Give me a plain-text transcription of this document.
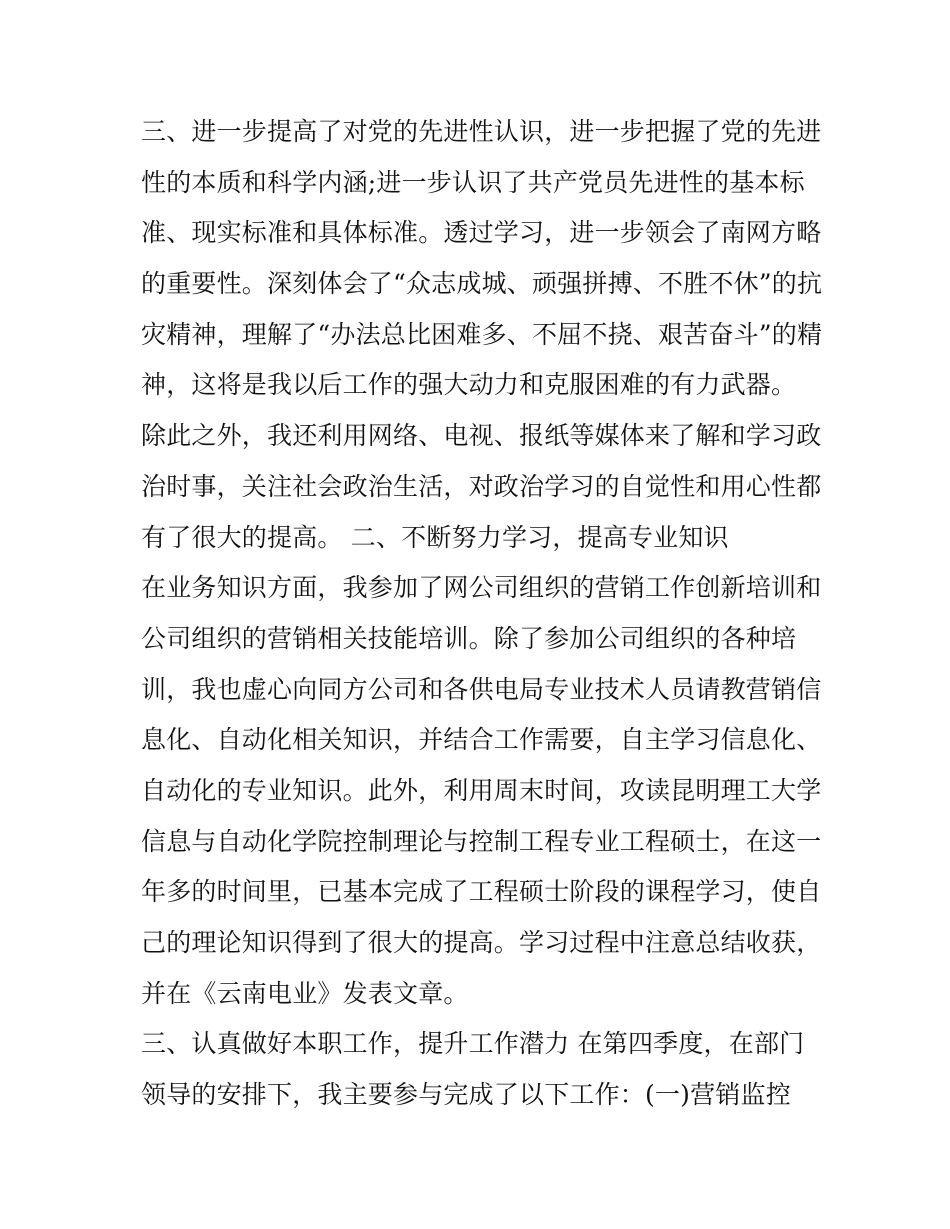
三、进一步提高了对党的先进性认识，进一步把握了党的先进
性的本质和科学内涵;进一步认识了共产党员先进性的基本标
准、现实标准和具体标准。透过学习，进一步领会了南网方略
的重要性。深刻体会了“众志成城、顽强拼搏、不胜不休”的抗
灾精神，理解了“办法总比困难多、不屈不挠、艰苦奋斗”的精
神，这将是我以后工作的强大动力和克服困难的有力武器。
除此之外，我还利用网络、电视、报纸等媒体来了解和学习政
治时事，关注社会政治生活，对政治学习的自觉性和用心性都
有了很大的提高。 二、不断努力学习，提高专业知识
在业务知识方面，我参加了网公司组织的营销工作创新培训和
公司组织的营销相关技能培训。除了参加公司组织的各种培
训，我也虚心向同方公司和各供电局专业技术人员请教营销信
息化、自动化相关知识，并结合工作需要，自主学习信息化、
自动化的专业知识。此外，利用周末时间，攻读昆明理工大学
信息与自动化学院控制理论与控制工程专业工程硕士，在这一
年多的时间里，已基本完成了工程硕士阶段的课程学习，使自
己的理论知识得到了很大的提高。学习过程中注意总结收获，
并在《云南电业》发表文章。
三、认真做好本职工作，提升工作潜力 在第四季度，在部门
领导的安排下，我主要参与完成了以下工作：(一)营销监控
